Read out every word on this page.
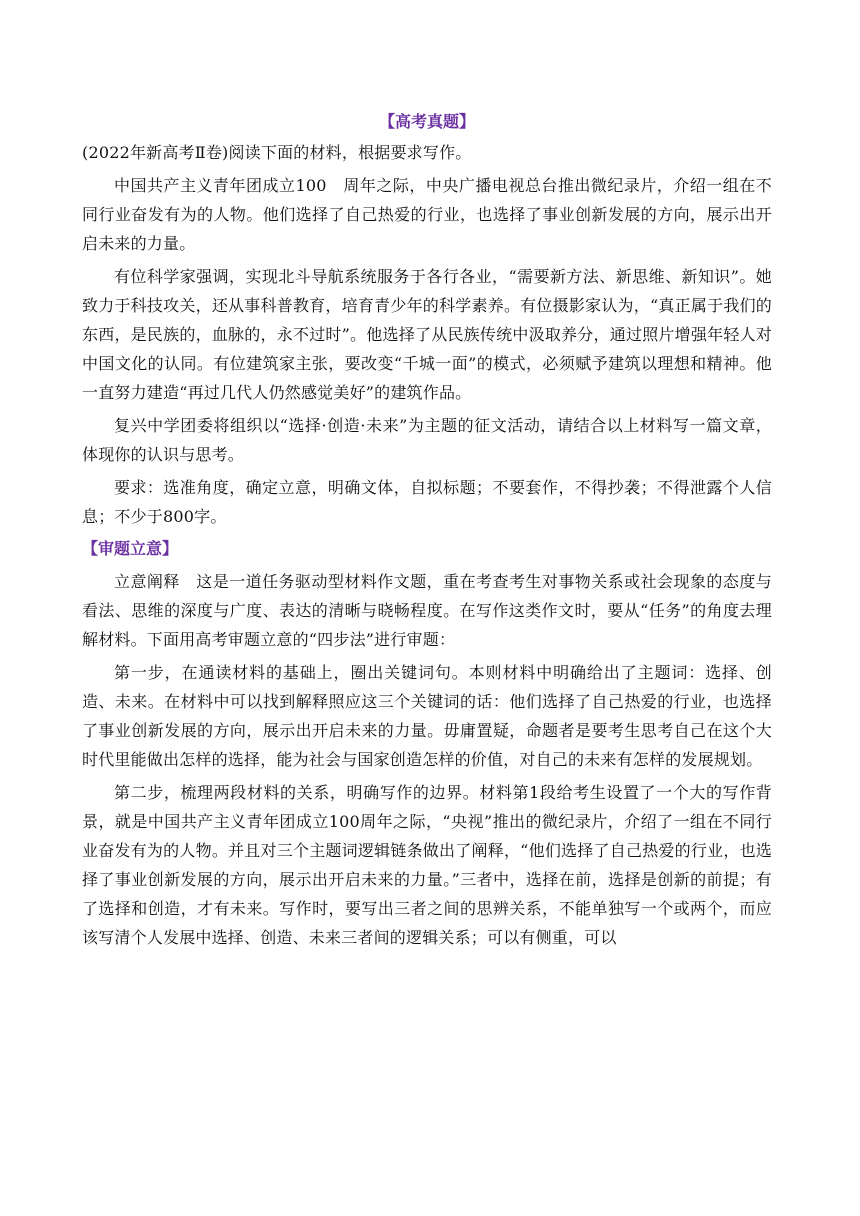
【高考真题】

(2022年新高考Ⅱ卷)阅读下面的材料，根据要求写作。

中国共产主义青年团成立100　周年之际，中央广播电视总台推出微纪录片，介绍一组在不同行业奋发有为的人物。他们选择了自己热爱的行业，也选择了事业创新发展的方向，展示出开启未来的力量。

有位科学家强调，实现北斗导航系统服务于各行各业，“需要新方法、新思维、新知识”。她致力于科技攻关，还从事科普教育，培育青少年的科学素养。有位摄影家认为，“真正属于我们的东西，是民族的，血脉的，永不过时”。他选择了从民族传统中汲取养分，通过照片增强年轻人对中国文化的认同。有位建筑家主张，要改变“千城一面”的模式，必须赋予建筑以理想和精神。他一直努力建造“再过几代人仍然感觉美好”的建筑作品。

复兴中学团委将组织以“选择·创造·未来”为主题的征文活动，请结合以上材料写一篇文章，体现你的认识与思考。

要求：选准角度，确定立意，明确文体，自拟标题；不要套作，不得抄袭；不得泄露个人信息；不少于800字。

【审题立意】

立意阐释　这是一道任务驱动型材料作文题，重在考查考生对事物关系或社会现象的态度与看法、思维的深度与广度、表达的清晰与晓畅程度。在写作这类作文时，要从“任务”的角度去理解材料。下面用高考审题立意的“四步法”进行审题：

第一步，在通读材料的基础上，圈出关键词句。本则材料中明确给出了主题词：选择、创造、未来。在材料中可以找到解释照应这三个关键词的话：他们选择了自己热爱的行业，也选择了事业创新发展的方向，展示出开启未来的力量。毋庸置疑，命题者是要考生思考自己在这个大时代里能做出怎样的选择，能为社会与国家创造怎样的价值，对自己的未来有怎样的发展规划。

第二步，梳理两段材料的关系，明确写作的边界。材料第1段给考生设置了一个大的写作背景，就是中国共产主义青年团成立100周年之际，“央视”推出的微纪录片，介绍了一组在不同行业奋发有为的人物。并且对三个主题词逻辑链条做出了阐释，“他们选择了自己热爱的行业，也选择了事业创新发展的方向，展示出开启未来的力量。”三者中，选择在前，选择是创新的前提；有了选择和创造，才有未来。写作时，要写出三者之间的思辨关系，不能单独写一个或两个，而应该写清个人发展中选择、创造、未来三者间的逻辑关系；可以有侧重，可以
